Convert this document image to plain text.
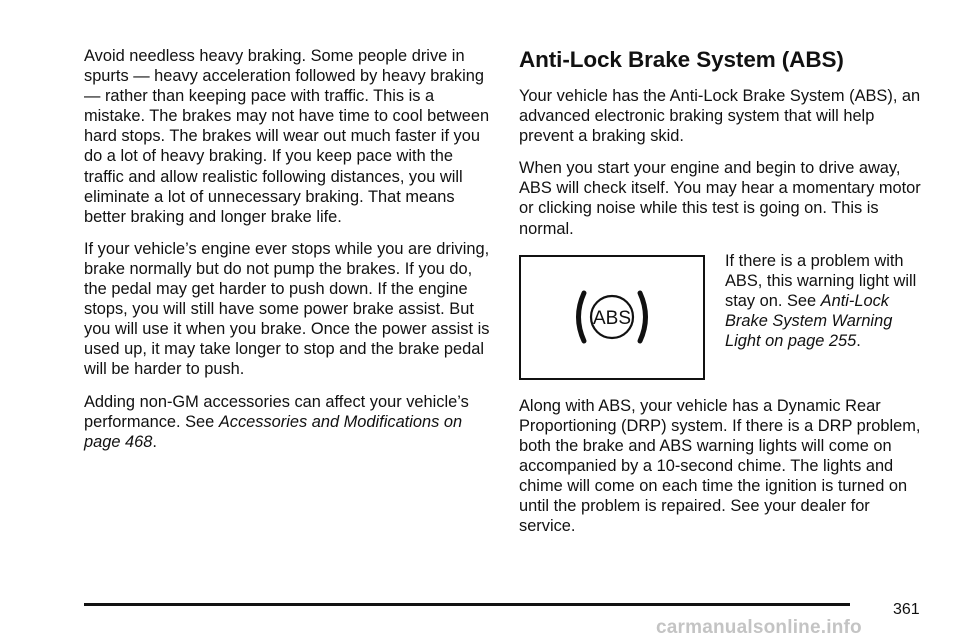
Avoid needless heavy braking. Some people drive in spurts — heavy acceleration followed by heavy braking — rather than keeping pace with traffic. This is a mistake. The brakes may not have time to cool between hard stops. The brakes will wear out much faster if you do a lot of heavy braking. If you keep pace with the traffic and allow realistic following distances, you will eliminate a lot of unnecessary braking. That means better braking and longer brake life.

If your vehicle’s engine ever stops while you are driving, brake normally but do not pump the brakes. If you do, the pedal may get harder to push down. If the engine stops, you will still have some power brake assist. But you will use it when you brake. Once the power assist is used up, it may take longer to stop and the brake pedal will be harder to push.

Adding non-GM accessories can affect your vehicle’s performance. See Accessories and Modifications on page 468.

Anti-Lock Brake System (ABS)

Your vehicle has the Anti-Lock Brake System (ABS), an advanced electronic braking system that will help prevent a braking skid.

When you start your engine and begin to drive away, ABS will check itself. You may hear a momentary motor or clicking noise while this test is going on. This is normal.

ABS

If there is a problem with ABS, this warning light will stay on. See Anti-Lock Brake System Warning Light on page 255.

Along with ABS, your vehicle has a Dynamic Rear Proportioning (DRP) system. If there is a DRP problem, both the brake and ABS warning lights will come on accompanied by a 10-second chime. The lights and chime will come on each time the ignition is turned on until the problem is repaired. See your dealer for service.

361
carmanualsonline.info
